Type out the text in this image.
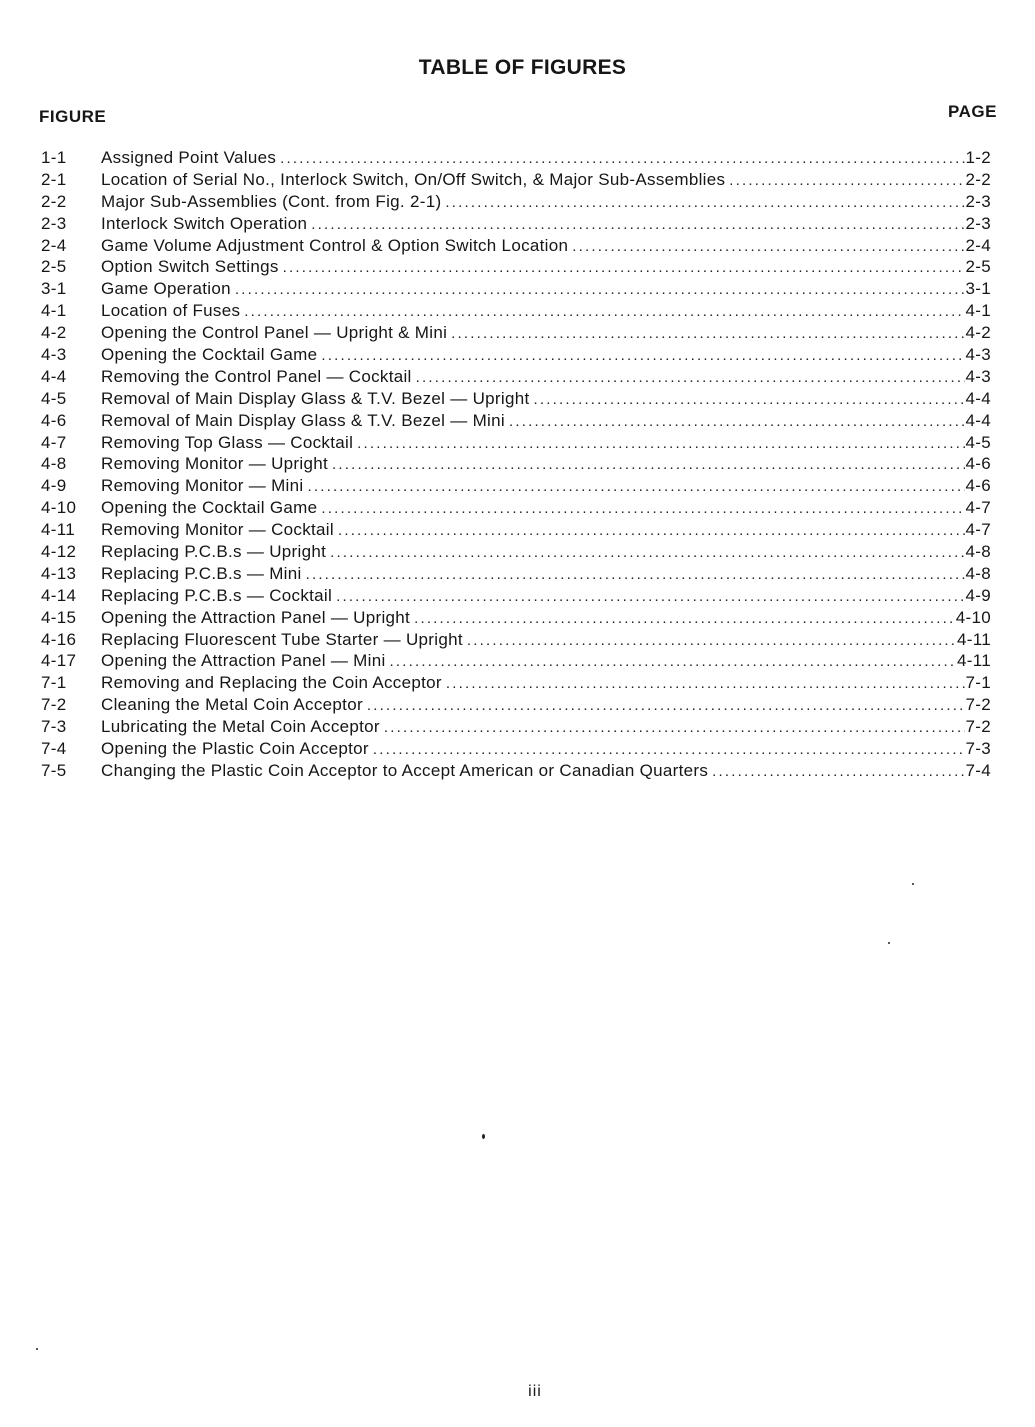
TABLE OF FIGURES
FIGURE	PAGE
1-1	Assigned Point Values .....	1-2
2-1	Location of Serial No., Interlock Switch, On/Off Switch, & Major Sub-Assemblies .....	2-2
2-2	Major Sub-Assemblies (Cont. from Fig. 2-1) .....	2-3
2-3	Interlock Switch Operation .....	2-3
2-4	Game Volume Adjustment Control & Option Switch Location .....	2-4
2-5	Option Switch Settings .....	2-5
3-1	Game Operation .....	3-1
4-1	Location of Fuses .....	4-1
4-2	Opening the Control Panel — Upright & Mini .....	4-2
4-3	Opening the Cocktail Game .....	4-3
4-4	Removing the Control Panel — Cocktail .....	4-3
4-5	Removal of Main Display Glass & T.V. Bezel — Upright .....	4-4
4-6	Removal of Main Display Glass & T.V. Bezel — Mini .....	4-4
4-7	Removing Top Glass — Cocktail .....	4-5
4-8	Removing Monitor — Upright .....	4-6
4-9	Removing Monitor — Mini .....	4-6
4-10	Opening the Cocktail Game .....	4-7
4-11	Removing Monitor — Cocktail .....	4-7
4-12	Replacing P.C.B.s — Upright .....	4-8
4-13	Replacing P.C.B.s — Mini .....	4-8
4-14	Replacing P.C.B.s — Cocktail .....	4-9
4-15	Opening the Attraction Panel — Upright .....	4-10
4-16	Replacing Fluorescent Tube Starter — Upright .....	4-11
4-17	Opening the Attraction Panel — Mini .....	4-11
7-1	Removing and Replacing the Coin Acceptor .....	7-1
7-2	Cleaning the Metal Coin Acceptor .....	7-2
7-3	Lubricating the Metal Coin Acceptor .....	7-2
7-4	Opening the Plastic Coin Acceptor .....	7-3
7-5	Changing the Plastic Coin Acceptor to Accept American or Canadian Quarters .....	7-4
iii
